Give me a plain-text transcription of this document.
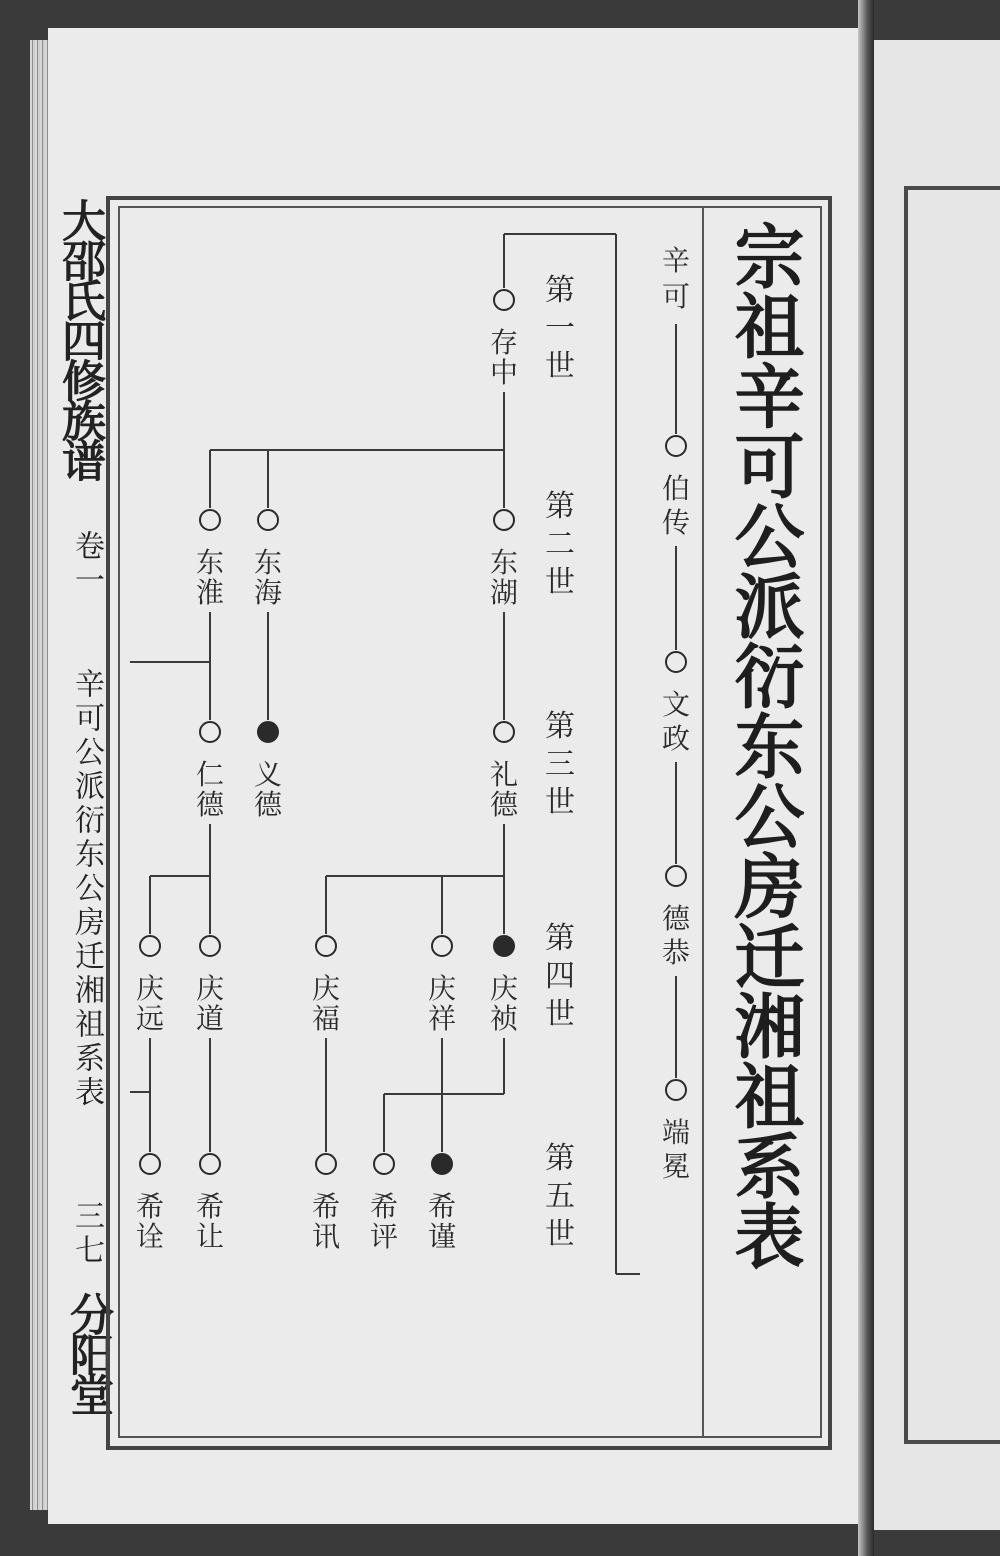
大邵氏四修族谱
卷一
辛可公派衍东公房迁湘祖系表
三七
分阳堂
宗祖辛可公派衍东公房迁湘祖系表
第
一
世
第
二
世
第
三
世
第
四
世
第
五
世
存
中
东
湖
礼
德
庆
祯
希
谨
庆
祥
希
评
庆
福
希
讯
东
海
义
德
东
淮
仁
德
庆
道
希
让
庆
远
希
诠
辛
可
伯
传
文
政
德
恭
端
冕
